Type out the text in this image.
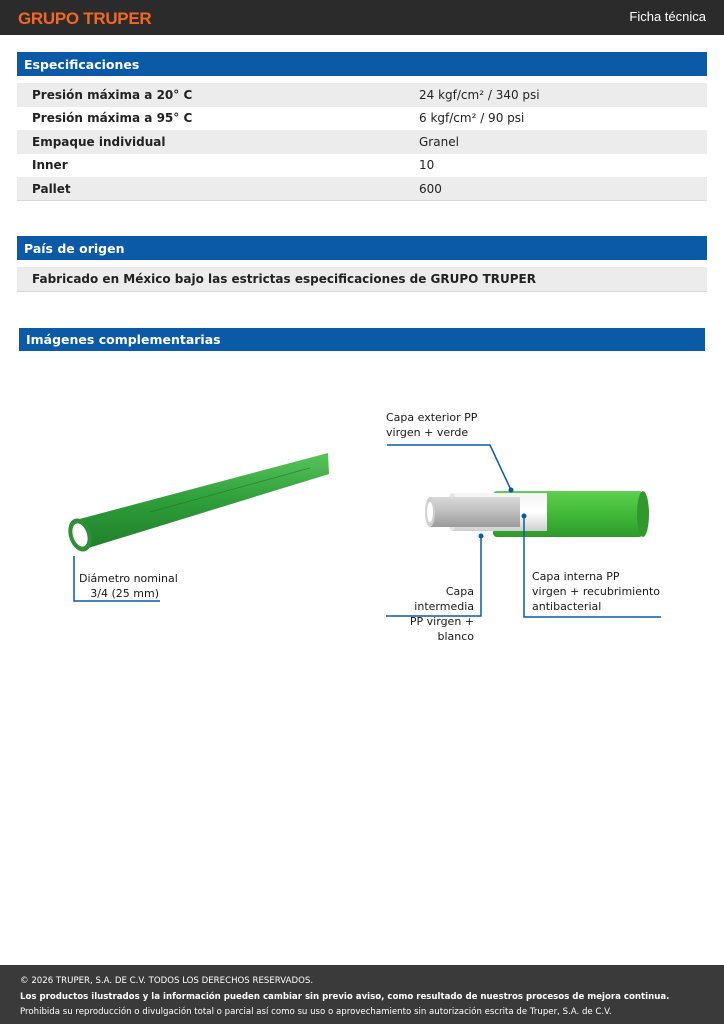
GRUPO TRUPER	Ficha técnica
Especificaciones
Presión máxima a 20° C	24 kgf/cm² / 340 psi
Presión máxima a 95° C	6 kgf/cm² / 90 psi
Empaque individual	Granel
Inner	10
Pallet	600
País de origen
Fabricado en México bajo las estrictas especificaciones de GRUPO TRUPER
Imágenes complementarias
Diámetro nominal
3/4 (25 mm)
Capa exterior PP
virgen + verde
Capa intermedia
PP virgen + blanco
Capa interna PP
virgen + recubrimiento
antibacterial
© 2026 TRUPER, S.A. DE C.V. TODOS LOS DERECHOS RESERVADOS.
Los productos ilustrados y la información pueden cambiar sin previo aviso, como resultado de nuestros procesos de mejora continua.
Prohibida su reproducción o divulgación total o parcial así como su uso o aprovechamiento sin autorización escrita de Truper, S.A. de C.V.
